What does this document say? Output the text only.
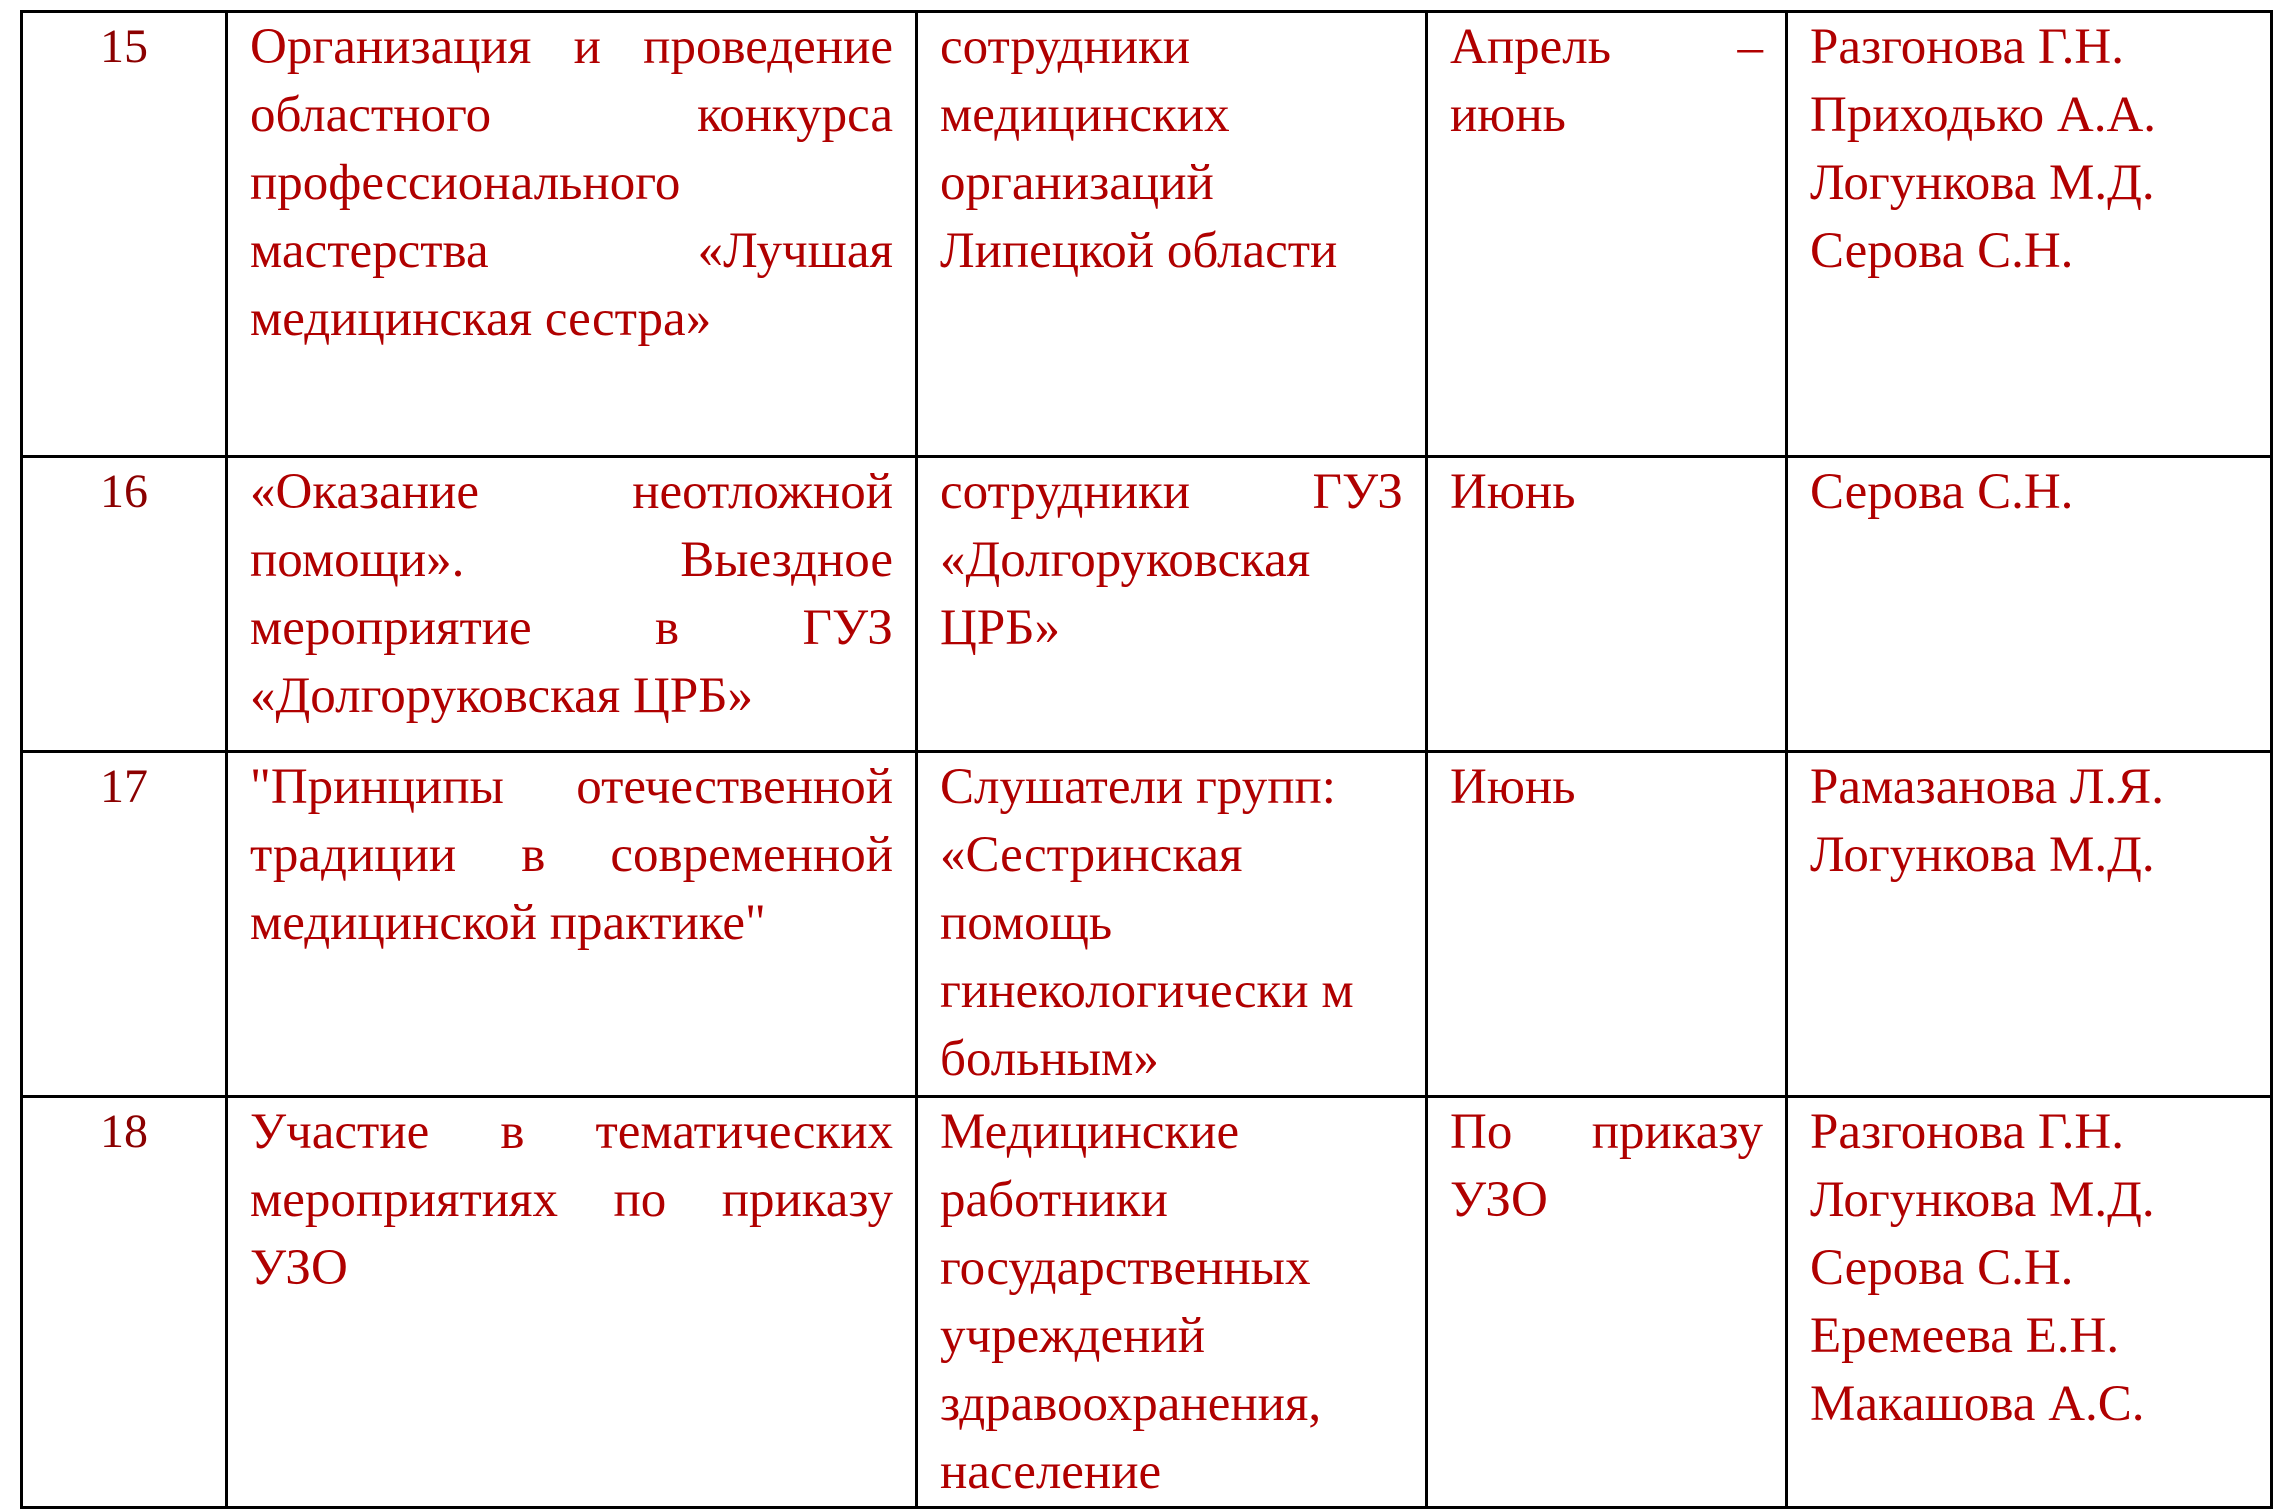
15	Организация и проведение областного конкурса профессионального мастерства «Лучшая медицинская сестра»	сотрудники медицинских организаций Липецкой области	Апрель – июнь	Разгонова Г.Н.
Приходько А.А.
Логункова М.Д.
Серова С.Н.

16	«Оказание неотложной помощи». Выездное мероприятие в ГУЗ «Долгоруковская ЦРБ»	сотрудники ГУЗ «Долгоруковская ЦРБ»	Июнь	Серова С.Н.

17	"Принципы отечественной традиции в современной медицинской практике"	Слушатели групп: «Сестринская помощь гинекологически м больным»	Июнь	Рамазанова Л.Я.
Логункова М.Д.

18	Участие в тематических мероприятиях по приказу УЗО	Медицинские работники государственных учреждений здравоохранения, население	По приказу УЗО	Разгонова Г.Н.
Логункова М.Д.
Серова С.Н.
Еремеева Е.Н.
Макашова А.С.
